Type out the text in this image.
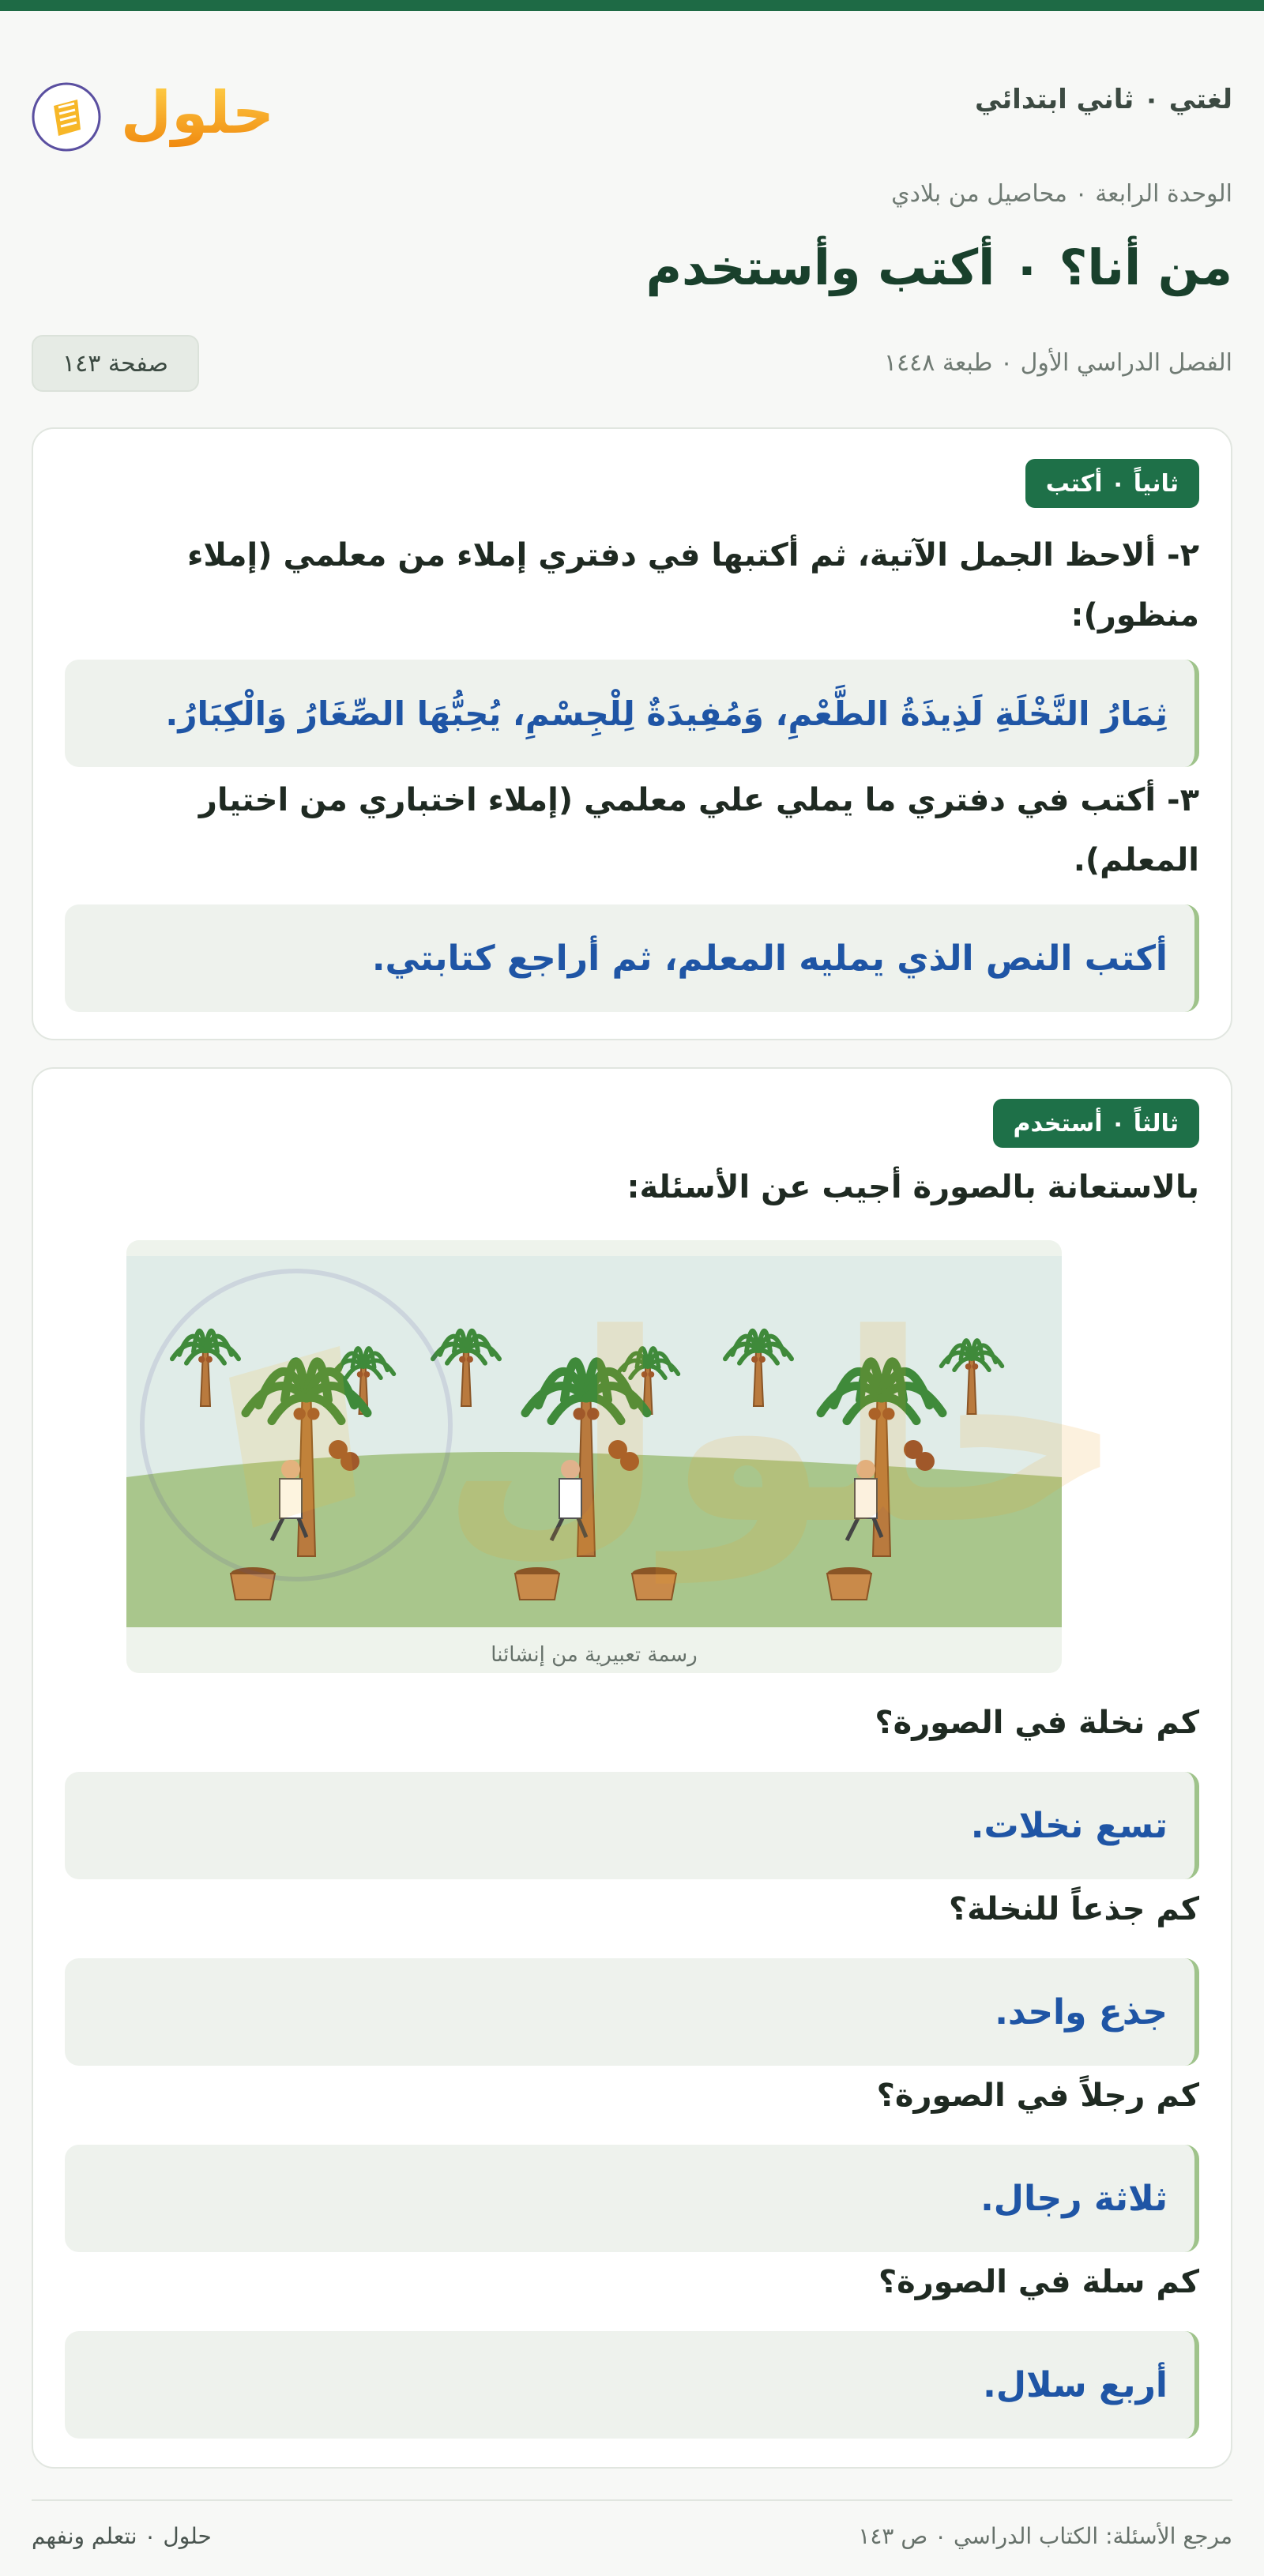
لغتي ٠ ثاني ابتدائي
حلول
الوحدة الرابعة ٠ محاصيل من بلادي
من أنا؟ ٠ أكتب وأستخدم
الفصل الدراسي الأول ٠ طبعة ١٤٤٨
صفحة ١٤٣
ثانياً ٠ أكتب
٢- ألاحظ الجمل الآتية، ثم أكتبها في دفتري إملاء من معلمي (إملاء منظور):
ثِمَارُ النَّخْلَةِ لَذِيذَةُ الطَّعْمِ، وَمُفِيدَةٌ لِلْجِسْمِ، يُحِبُّهَا الصِّغَارُ وَالْكِبَارُ.
٣- أكتب في دفتري ما يملي علي معلمي (إملاء اختباري من اختيار المعلم).
أكتب النص الذي يمليه المعلم، ثم أراجع كتابتي.
ثالثاً ٠ أستخدم
بالاستعانة بالصورة أجيب عن الأسئلة:
رسمة تعبيرية من إنشائنا
كم نخلة في الصورة؟
تسع نخلات.
كم جذعاً للنخلة؟
جذع واحد.
كم رجلاً في الصورة؟
ثلاثة رجال.
كم سلة في الصورة؟
أربع سلال.
مرجع الأسئلة: الكتاب الدراسي ٠ ص ١٤٣
حلول ٠ نتعلم ونفهم
